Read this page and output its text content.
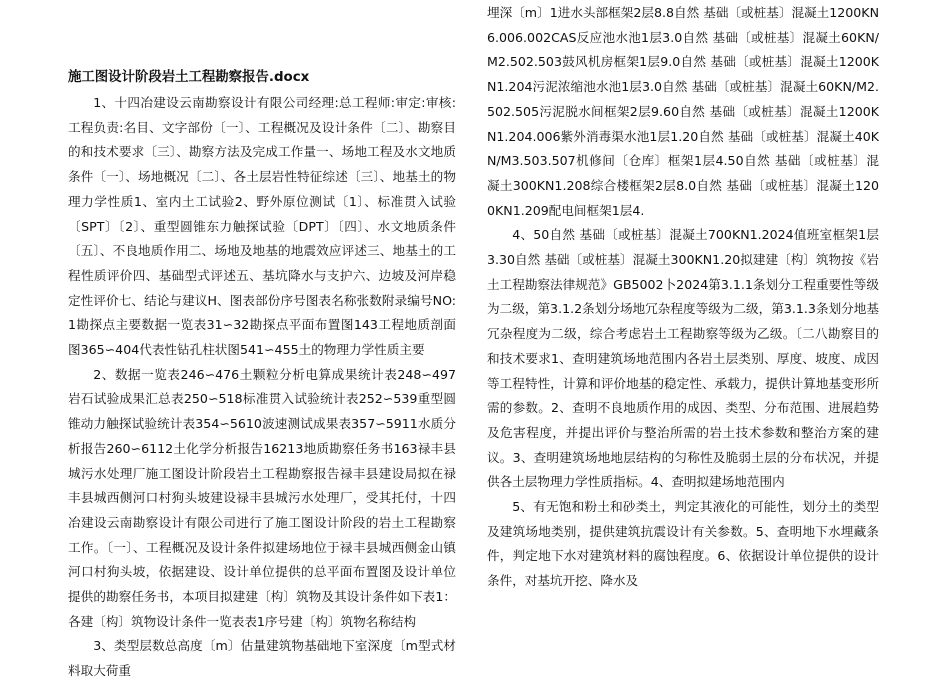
施工图设计阶段岩土工程勘察报告.docx

1、十四冶建设云南勘察设计有限公司经理:总工程师:审定:审核:工程负责:名目、文字部份〔一〕、工程概况及设计条件〔二〕、勘察目的和技术要求〔三〕、勘察方法及完成工作量一、场地工程及水文地质条件〔一〕、场地概况〔二〕、各土层岩性特征综述〔三〕、地基土的物理力学性质1、室内土工试验2、野外原位测试〔1〕、标准贯入试验〔SPT〕〔2〕、重型圆锥东力触探试验〔DPT〕〔四〕、水文地质条件〔五〕、不良地质作用二、场地及地基的地震效应评述三、地基土的工程性质评价四、基础型式评述五、基坑降水与支护六、边坡及河岸稳定性评价七、结论与建议H、图表部份序号图表名称张数附录编号NO:1勘探点主要数据一览表31∽32勘探点平面布置图143工程地质剖面图365∽404代表性钻孔柱状图541∽455土的物理力学性质主要

2、数据一览表246∽476土颗粒分析电算成果统计表248∽497岩石试验成果汇总表250∽518标准贯入试验统计表252∽539重型圆锥动力触探试验统计表354∽5610波速测试成果表357∽5911水质分析报告260∽6112土化学分析报告16213地质勘察任务书163禄丰县城污水处理厂施工图设计阶段岩土工程勘察报告禄丰县建设局拟在禄丰县城西侧河口村狗头坡建设禄丰县城污水处理厂，受其托付，十四冶建设云南勘察设计有限公司进行了施工图设计阶段的岩土工程勘察工作。〔一〕、工程概况及设计条件拟建场地位于禄丰县城西侧金山镇河口村狗头坡，依据建设、设计单位提供的总平面布置图及设计单位提供的勘察任务书，本项目拟建建〔构〕筑物及其设计条件如下表1：各建〔构〕筑物设计条件一览表表1序号建〔构〕筑物名称结构

3、类型层数总高度〔m〕估量建筑物基础地下室深度〔m型式材料取大荷重

埋深〔m〕1进水头部框架2层8.8自然 基础〔或桩基〕混凝土1200KN6.006.002CAS反应池水池1层3.0自然 基础〔或桩基〕混凝土60KN/M2.502.503鼓风机房框架1层9.0自然 基础〔或桩基〕混凝土1200KN1.204污泥浓缩池水池1层3.0自然 基础〔或桩基〕混凝土60KN/M2.502.505污泥脱水间框架2层9.60自然 基础〔或桩基〕混凝土1200KN1.204.006紫外消毒渠水池1层1.20自然 基础〔或桩基〕混凝土40KN/M3.503.507机修间〔仓库〕框架1层4.50自然 基础〔或桩基〕混凝土300KN1.208综合楼框架2层8.0自然 基础〔或桩基〕混凝土1200KN1.209配电间框架1层4.

4、50自然 基础〔或桩基〕混凝土700KN1.2024值班室框架1层3.30自然 基础〔或桩基〕混凝土300KN1.20拟建建〔构〕筑物按《岩土工程勘察法律规范》GB5002卜2024第3.1.1条划分工程重要性等级为二级，第3.1.2条划分场地冗杂程度等级为二级，第3.1.3条划分地基冗杂程度为二级，综合考虑岩土工程勘察等级为乙级。〔二八勘察目的和技术要求1、查明建筑场地范围内各岩土层类别、厚度、坡度、成因等工程特性，计算和评价地基的稳定性、承载力，提供计算地基变形所需的参数。2、查明不良地质作用的成因、类型、分布范围、进展趋势及危害程度，并提出评价与整治所需的岩土技术参数和整治方案的建议。3、查明建筑场地地层结构的匀称性及脆弱土层的分布状况，并提供各土层物理力学性质指标。4、查明拟建场地范围内

5、有无饱和粉土和砂类土，判定其液化的可能性，划分土的类型及建筑场地类别，提供建筑抗震设计有关参数。5、查明地下水埋藏条件，判定地下水对建筑材料的腐蚀程度。6、依据设计单位提供的设计条件，对基坑开挖、降水及
